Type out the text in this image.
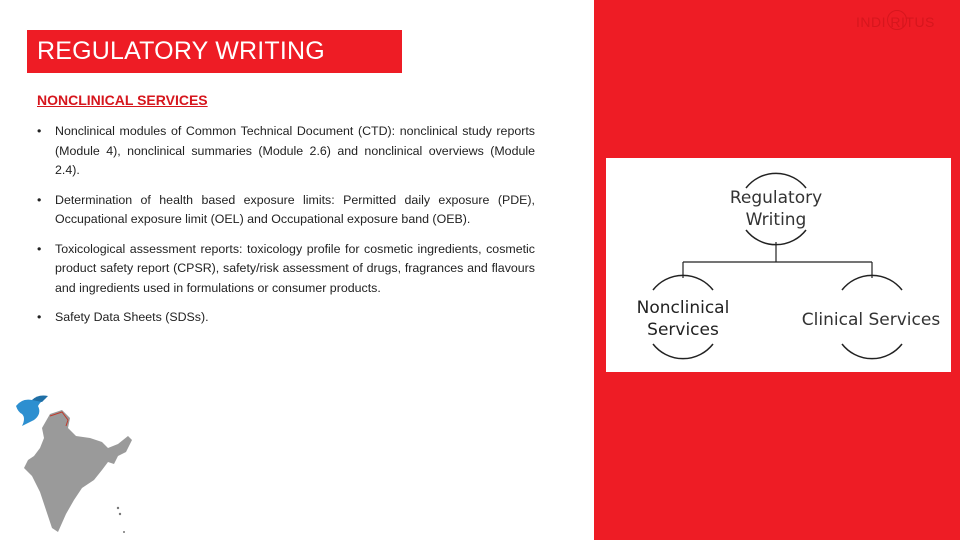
REGULATORY WRITING
INDI RITUS
NONCLINICAL SERVICES
• Nonclinical modules of Common Technical Document (CTD): nonclinical study reports (Module 4), nonclinical summaries (Module 2.6) and nonclinical overviews (Module 2.4).
• Determination of health based exposure limits: Permitted daily exposure (PDE), Occupational exposure limit (OEL) and Occupational exposure band (OEB).
• Toxicological assessment reports: toxicology profile for cosmetic ingredients, cosmetic product safety report (CPSR), safety/risk assessment of drugs, fragrances and flavours and ingredients used in formulations or consumer products.
• Safety Data Sheets (SDSs).
Regulatory
Writing
Nonclinical
Services	Clinical Services
